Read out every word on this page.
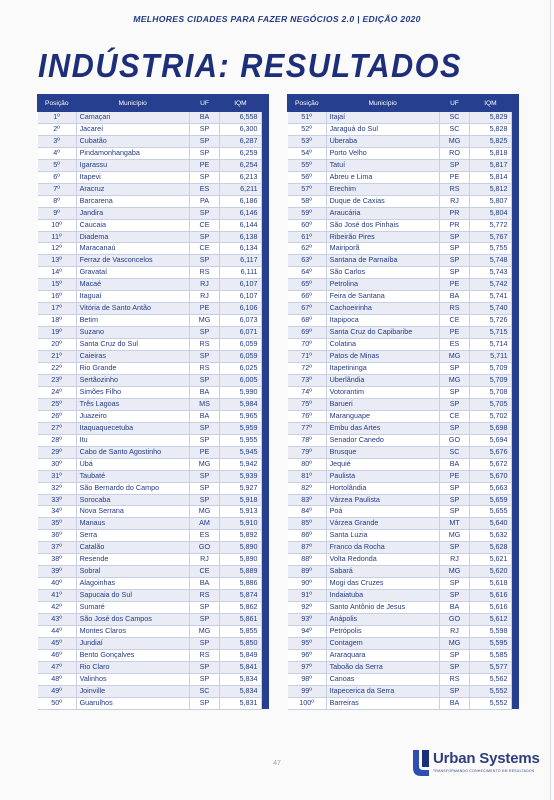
MELHORES CIDADES PARA FAZER NEGÓCIOS 2.0 | EDIÇÃO 2020
INDÚSTRIA: RESULTADOS
Posição	Município	UF	IQM	
1º	Camaçari	BA	6,558	
2º	Jacareí	SP	6,300	
3º	Cubatão	SP	6,287	
4º	Pindamonhangaba	SP	6,259	
5º	Igarassu	PE	6,254	
6º	Itapevi	SP	6,213	
7º	Aracruz	ES	6,211	
8º	Barcarena	PA	6,186	
9º	Jandira	SP	6,146	
10º	Caucaia	CE	6,144	
11º	Diadema	SP	6,138	
12º	Maracanaú	CE	6,134	
13º	Ferraz de Vasconcelos	SP	6,117	
14º	Gravataí	RS	6,111	
15º	Macaé	RJ	6,107	
16º	Itaguaí	RJ	6,107	
17º	Vitória de Santo Antão	PE	6,106	
18º	Betim	MG	6,073	
19º	Suzano	SP	6,071	
20º	Santa Cruz do Sul	RS	6,059	
21º	Caieiras	SP	6,059	
22º	Rio Grande	RS	6,025	
23º	Sertãozinho	SP	6,005	
24º	Simões Filho	BA	5,990	
25º	Três Lagoas	MS	5,984	
26º	Juazeiro	BA	5,965	
27º	Itaquaquecetuba	SP	5,959	
28º	Itu	SP	5,955	
29º	Cabo de Santo Agostinho	PE	5,945	
30º	Ubá	MG	5,942	
31º	Taubaté	SP	5,939	
32º	São Bernardo do Campo	SP	5,927	
33º	Sorocaba	SP	5,918	
34º	Nova Serrana	MG	5,913	
35º	Manaus	AM	5,910	
36º	Serra	ES	5,892	
37º	Catalão	GO	5,890	
38º	Resende	RJ	5,890	
39º	Sobral	CE	5,889	
40º	Alagoinhas	BA	5,886	
41º	Sapucaia do Sul	RS	5,874	
42º	Sumaré	SP	5,862	
43º	São José dos Campos	SP	5,861	
44º	Montes Claros	MG	5,855	
45º	Jundiaí	SP	5,850	
46º	Bento Gonçalves	RS	5,849	
47º	Rio Claro	SP	5,841	
48º	Valinhos	SP	5,834	
49º	Joinville	SC	5,834	
50º	Guarulhos	SP	5,831	
Posição	Município	UF	IQM	
51º	Itajaí	SC	5,829	
52º	Jaraguá do Sul	SC	5,828	
53º	Uberaba	MG	5,825	
54º	Porto Velho	RO	5,818	
55º	Tatuí	SP	5,817	
56º	Abreu e Lima	PE	5,814	
57º	Erechim	RS	5,812	
58º	Duque de Caxias	RJ	5,807	
59º	Araucária	PR	5,804	
60º	São José dos Pinhais	PR	5,772	
61º	Ribeirão Pires	SP	5,767	
62º	Mairiporã	SP	5,755	
63º	Santana de Parnaíba	SP	5,748	
64º	São Carlos	SP	5,743	
65º	Petrolina	PE	5,742	
66º	Feira de Santana	BA	5,741	
67º	Cachoeirinha	RS	5,740	
68º	Itapipoca	CE	5,726	
69º	Santa Cruz do Capibaribe	PE	5,715	
70º	Colatina	ES	5,714	
71º	Patos de Minas	MG	5,711	
72º	Itapetininga	SP	5,709	
73º	Uberlândia	MG	5,709	
74º	Votorantim	SP	5,708	
75º	Barueri	SP	5,705	
76º	Maranguape	CE	5,702	
77º	Embu das Artes	SP	5,698	
78º	Senador Canedo	GO	5,694	
79º	Brusque	SC	5,676	
80º	Jequié	BA	5,672	
81º	Paulista	PE	5,670	
82º	Hortolândia	SP	5,663	
83º	Várzea Paulista	SP	5,659	
84º	Poá	SP	5,655	
85º	Várzea Grande	MT	5,640	
86º	Santa Luzia	MG	5,632	
87º	Franco da Rocha	SP	5,628	
88º	Volta Redonda	RJ	5,621	
89º	Sabará	MG	5,620	
90º	Mogi das Cruzes	SP	5,618	
91º	Indaiatuba	SP	5,616	
92º	Santo Antônio de Jesus	BA	5,616	
93º	Anápolis	GO	5,612	
94º	Petrópolis	RJ	5,598	
95º	Contagem	MG	5,595	
96º	Araraquara	SP	5,585	
97º	Taboão da Serra	SP	5,577	
98º	Canoas	RS	5,562	
99º	Itapecerica da Serra	SP	5,552	
100º	Barreiras	BA	5,552	
47	Urban Systems
TRANSFORMANDO CONHECIMENTO EM RESULTADOS
